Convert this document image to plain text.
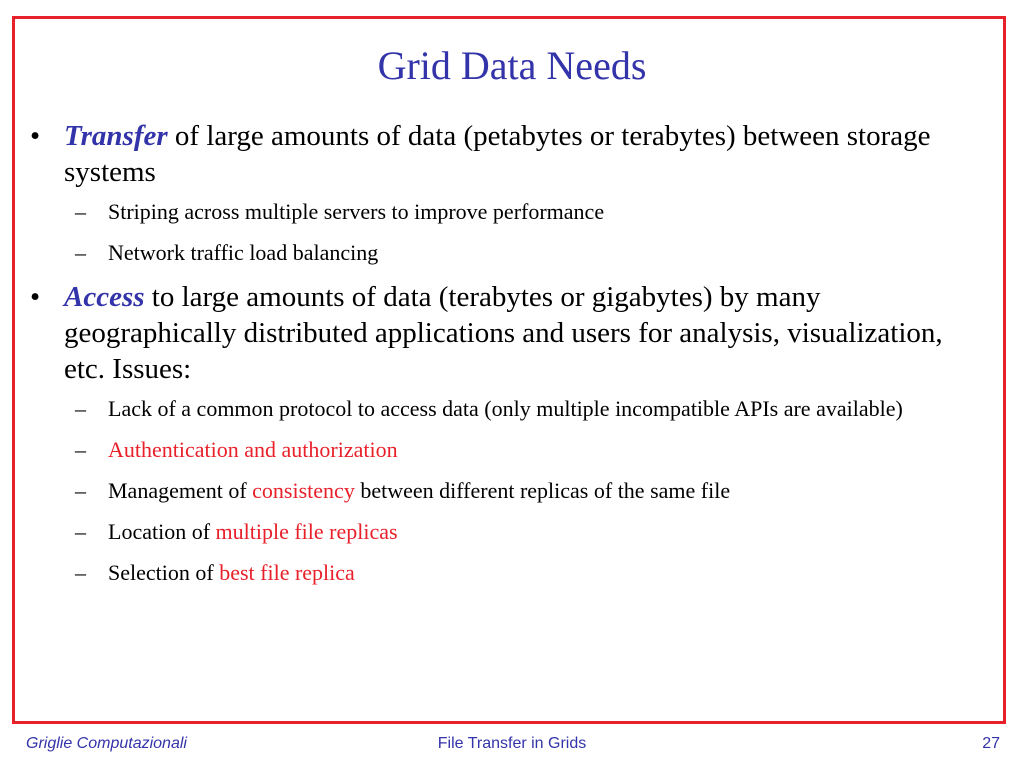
Grid Data Needs
• Transfer of large amounts of data (petabytes or terabytes) between storage systems
– Striping across multiple servers to improve performance
– Network traffic load balancing
• Access to large amounts of data (terabytes or gigabytes) by many geographically distributed applications and users for analysis, visualization, etc. Issues:
– Lack of a common protocol to access data (only multiple incompatible APIs are available)
– Authentication and authorization
– Management of consistency between different replicas of the same file
– Location of multiple file replicas
– Selection of best file replica
Griglie Computazionali	File Transfer in Grids	27
